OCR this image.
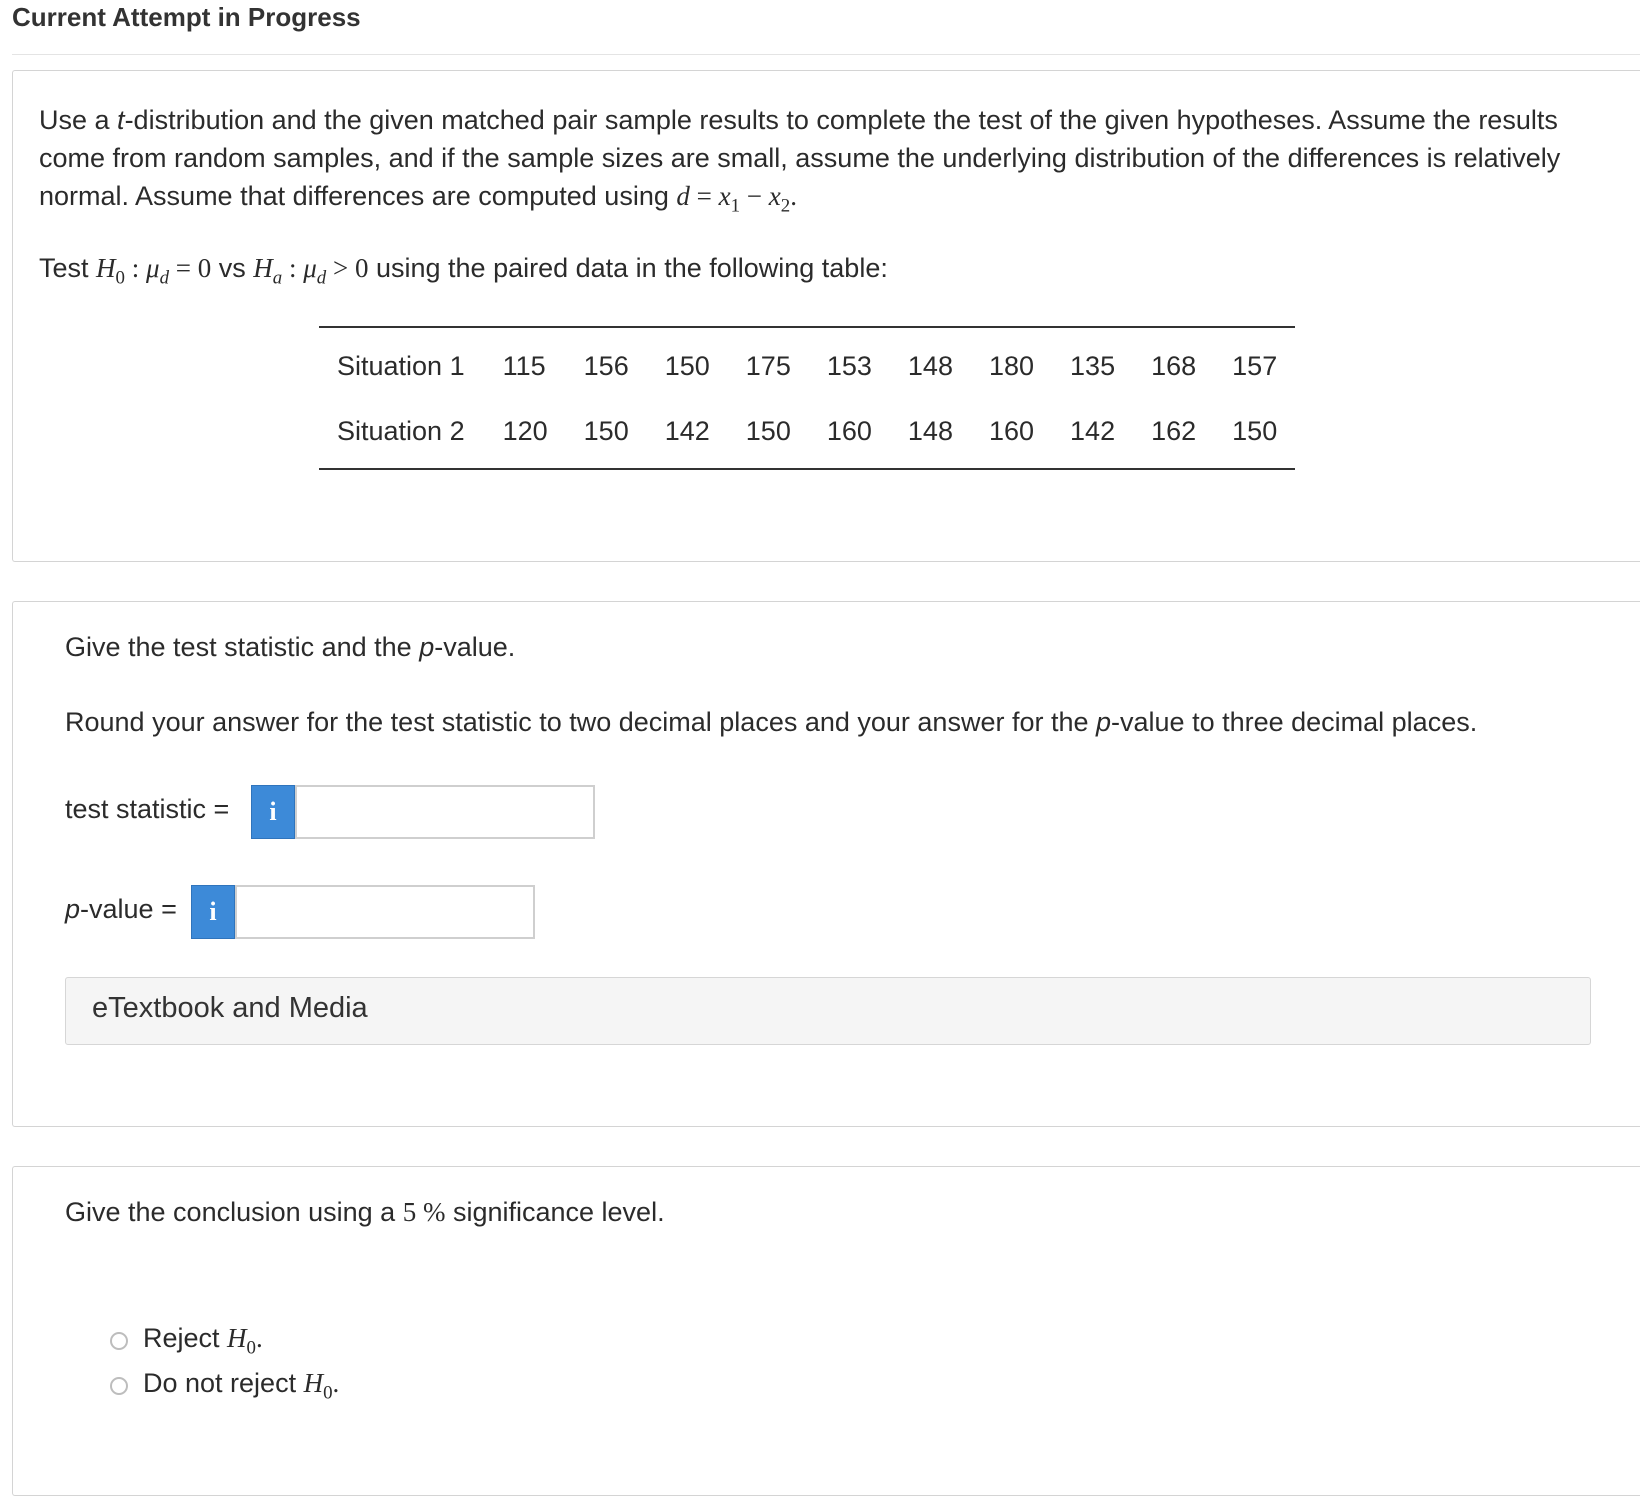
Current Attempt in Progress

Use a t-distribution and the given matched pair sample results to complete the test of the given hypotheses. Assume the results come from random samples, and if the sample sizes are small, assume the underlying distribution of the differences is relatively normal. Assume that differences are computed using $d = x_1 - x_2$.

Test $H_0$ : $\mu_d = 0$ vs $H_a$ : $\mu_d > 0$ using the paired data in the following table:
Situation 1	115	156	150	175	153	148	180	135	168	157
Situation 2	120	150	142	150	160	148	160	142	162	150
Give the test statistic and the p-value.
Round your answer for the test statistic to two decimal places and your answer for the p-value to three decimal places.
test statistic =	i
p-value =	i
eTextbook and Media
Give the conclusion using a 5 % significance level.
Reject $H_0$.
Do not reject $H_0$.
